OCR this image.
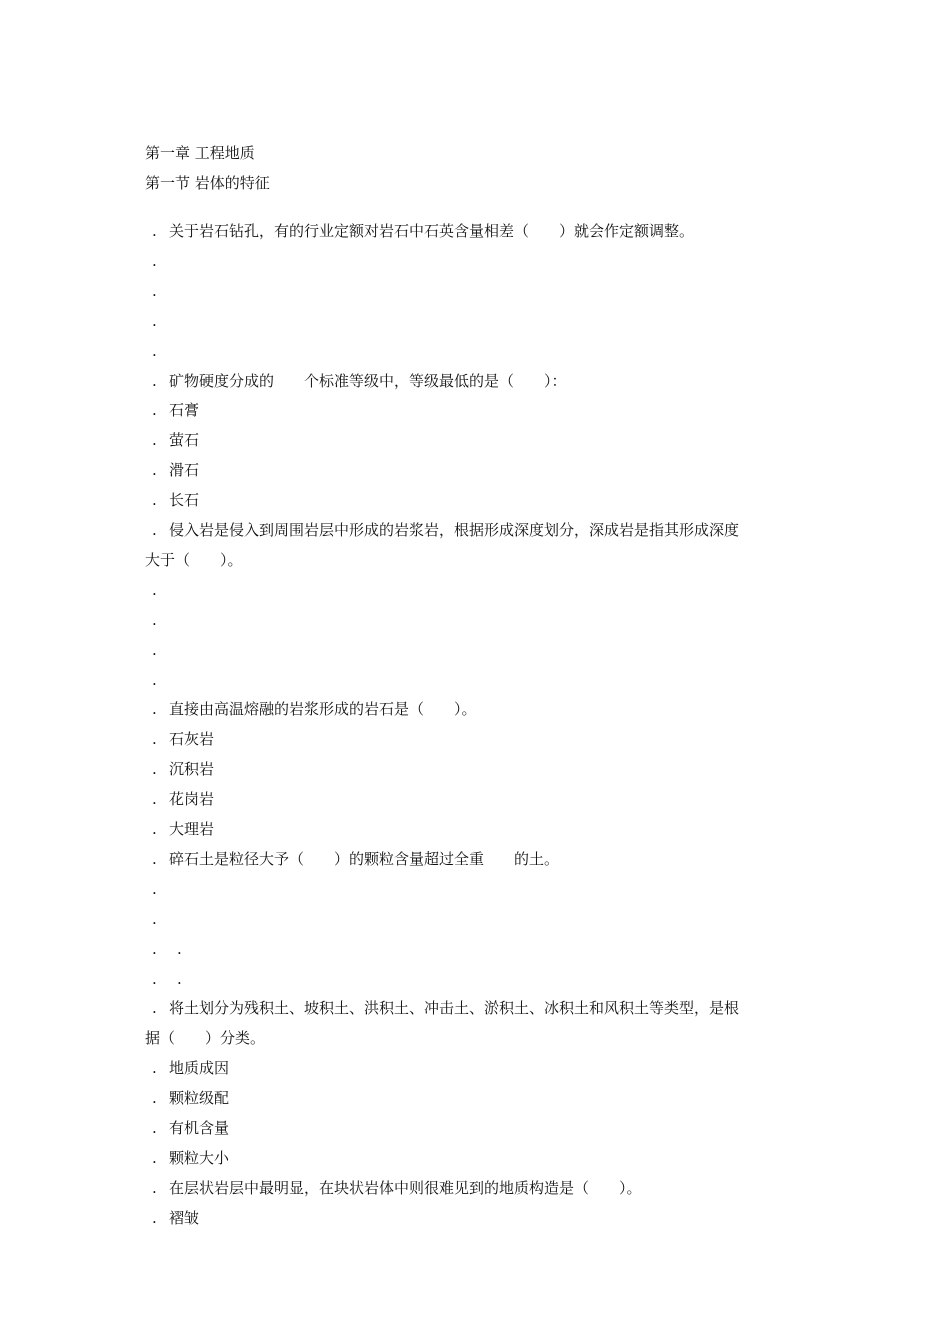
第一章 工程地质
第一节 岩体的特征
. 关于岩石钻孔，有的行业定额对岩石中石英含量相差（　　）就会作定额调整。
.
.
.
.
. 矿物硬度分成的　　个标准等级中，等级最低的是（　　）：
. 石膏
. 萤石
. 滑石
. 长石
. 侵入岩是侵入到周围岩层中形成的岩浆岩，根据形成深度划分，深成岩是指其形成深度
大于（　　）。
.
.
.
.
. 直接由高温熔融的岩浆形成的岩石是（　　）。
. 石灰岩
. 沉积岩
. 花岗岩
. 大理岩
. 碎石土是粒径大予（　　）的颗粒含量超过全重　　的土。
.
.
. .
. .
. 将土划分为残积土、坡积土、洪积土、冲击土、淤积土、冰积土和风积土等类型，是根
据（　　）分类。
. 地质成因
. 颗粒级配
. 有机含量
. 颗粒大小
. 在层状岩层中最明显，在块状岩体中则很难见到的地质构造是（　　）。
. 褶皱
